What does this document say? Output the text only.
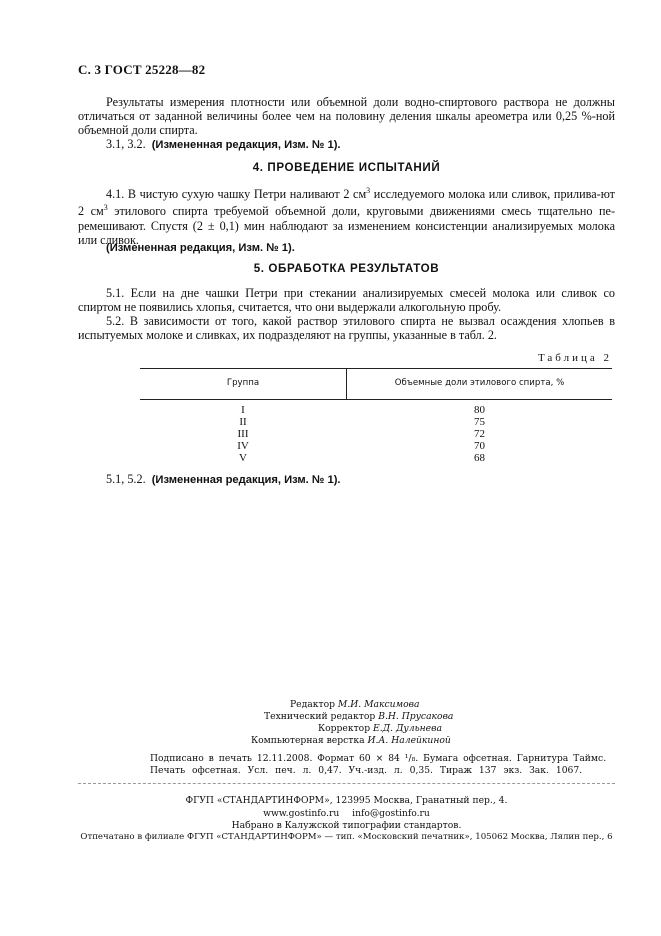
С. 3 ГОСТ 25228—82
Результаты измерения плотности или объемной доли водно-спиртового раствора не должны отличаться от заданной величины более чем на половину деления шкалы ареометра или 0,25 %-ной объемной доли спирта.
3.1, 3.2. (Измененная редакция, Изм. № 1).
4. ПРОВЕДЕНИЕ ИСПЫТАНИЙ
4.1. В чистую сухую чашку Петри наливают 2 $см^3$ исследуемого молока или сливок, прилива-ют 2 $см^3$ этилового спирта требуемой объемной доли, круговыми движениями смесь тщательно пе-ремешивают. Спустя (2 ± 0,1) мин наблюдают за изменением консистенции анализируемых молока или сливок.
(Измененная редакция, Изм. № 1).
5. ОБРАБОТКА РЕЗУЛЬТАТОВ
5.1. Если на дне чашки Петри при стекании анализируемых смесей молока или сливок со спиртом не появились хлопья, считается, что они выдержали алкогольную пробу.
5.2. В зависимости от того, какой раствор этилового спирта не вызвал осаждения хлопьев в испытуемых молоке и сливках, их подразделяют на группы, указанные в табл. 2.
Таблица 2
Группа	Объемные доли этилового спирта, %
I	80
II	75
III	72
IV	70
V	68
5.1, 5.2. (Измененная редакция, Изм. № 1).
Редактор М.И. Максимова
Технический редактор В.Н. Прусакова
Корректор Е.Д. Дульнева
Компьютерная верстка И.А. Налейкиной
Подписано в печать 12.11.2008. Формат 60 × 84 ¹/₈. Бумага офсетная. Гарнитура Таймс.
Печать офсетная. Усл. печ. л. 0,47. Уч.-изд. л. 0,35. Тираж 137 экз. Зак. 1067.
ФГУП «СТАНДАРТИНФОРМ», 123995 Москва, Гранатный пер., 4.
www.gostinfo.ru info@gostinfo.ru
Набрано в Калужской типографии стандартов.
Отпечатано в филиале ФГУП «СТАНДАРТИНФОРМ» — тип. «Московский печатник», 105062 Москва, Лялин пер., 6
